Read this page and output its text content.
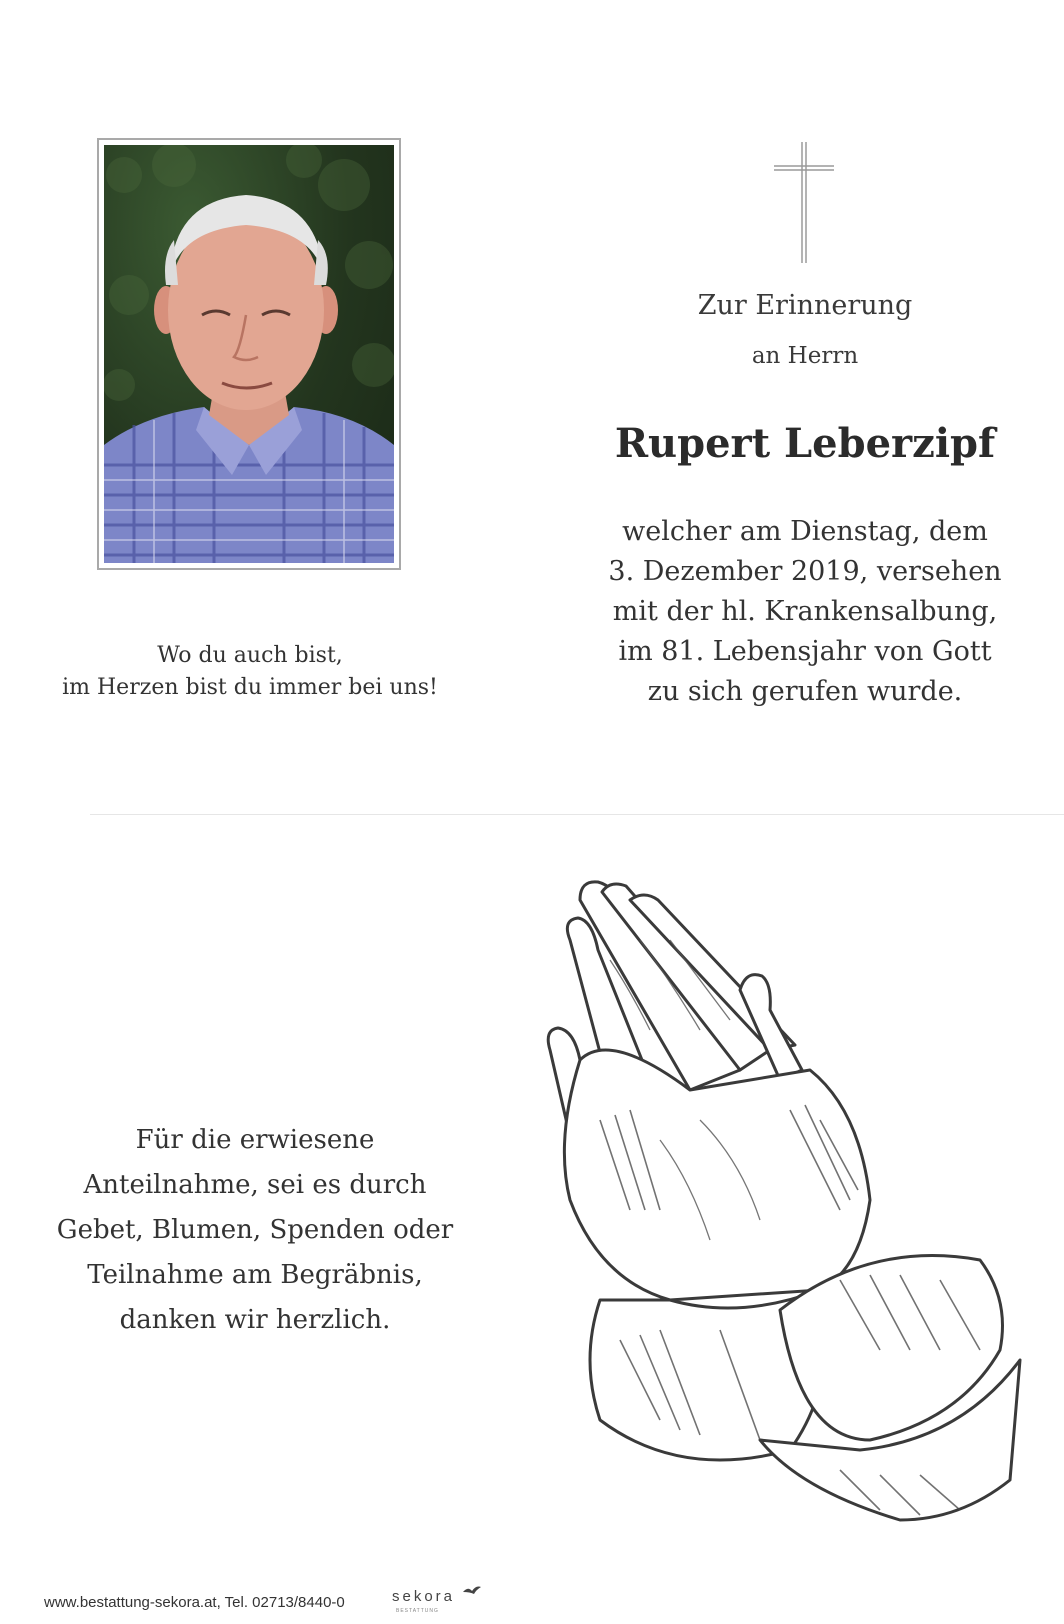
Zur Erinnerung
an Herrn
Rupert Leberzipf
welcher am Dienstag, dem
3. Dezember 2019, versehen
mit der hl. Krankensalbung,
im 81. Lebensjahr von Gott
zu sich gerufen wurde.
Wo du auch bist,
im Herzen bist du immer bei uns!
Für die erwiesene
Anteilnahme, sei es durch
Gebet, Blumen, Spenden oder
Teilnahme am Begräbnis,
danken wir herzlich.
www.bestattung-sekora.at, Tel. 02713/8440-0	sekora
BESTATTUNG
